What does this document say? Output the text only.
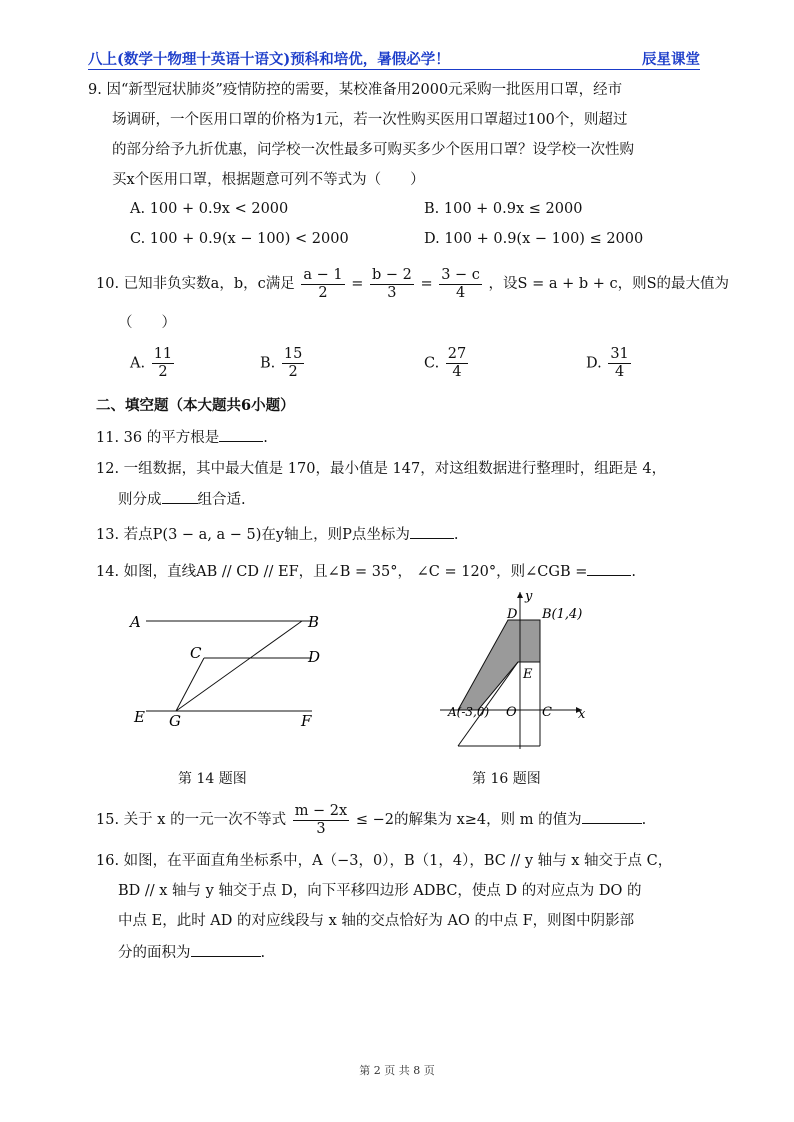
八上(数学十物理十英语十语文)预科和培优，暑假必学！	辰星课堂
9. 因“新型冠状肺炎”疫情防控的需要，某校准备用2000元采购一批医用口罩，经市
场调研，一个医用口罩的价格为1元，若一次性购买医用口罩超过100个，则超过
的部分给予九折优惠，问学校一次性最多可购买多少个医用口罩？设学校一次性购
买x个医用口罩，根据题意可列不等式为（　　）
A. 100 + 0.9x < 2000	B. 100 + 0.9x ≤ 2000
C. 100 + 0.9(x − 100) < 2000	D. 100 + 0.9(x − 100) ≤ 2000
10. 已知非负实数a，b，c满足 $\frac{a - 1}{2} = \frac{b - 2}{3} = \frac{3 - c}{4}$ ，设S = a + b + c，则S的最大值为
（　　）
A. $\frac{11}{2}$	B. $\frac{15}{2}$	C. $\frac{27}{4}$	D. $\frac{31}{4}$
二、填空题（本大题共6小题）
11. 36 的平方根是	.
12. 一组数据，其中最大值是 170，最小值是 147，对这组数据进行整理时，组距是 4，
则分成 组合适.
13. 若点P(3 − a, a − 5)在y轴上，则P点坐标为	.
14. 如图，直线AB // CD // EF，且∠B = 35°， ∠C = 120°，则∠CGB =	.
A	B
C	D
E G	F
第 14 题图
y
x
D B(1,4)
E
A(-3,0) O C
第 16 题图
15. 关于 x 的一元一次不等式 $\frac{m - 2x}{3} \le -2$的解集为 x≥4，则 m 的值为	.
16. 如图，在平面直角坐标系中，A（−3，0），B（1，4），BC // y 轴与 x 轴交于点 C，
BD // x 轴与 y 轴交于点 D，向下平移四边形 ADBC，使点 D 的对应点为 DO 的
中点 E，此时 AD 的对应线段与 x 轴的交点恰好为 AO 的中点 F，则图中阴影部
分的面积为	.
第 2 页 共 8 页
